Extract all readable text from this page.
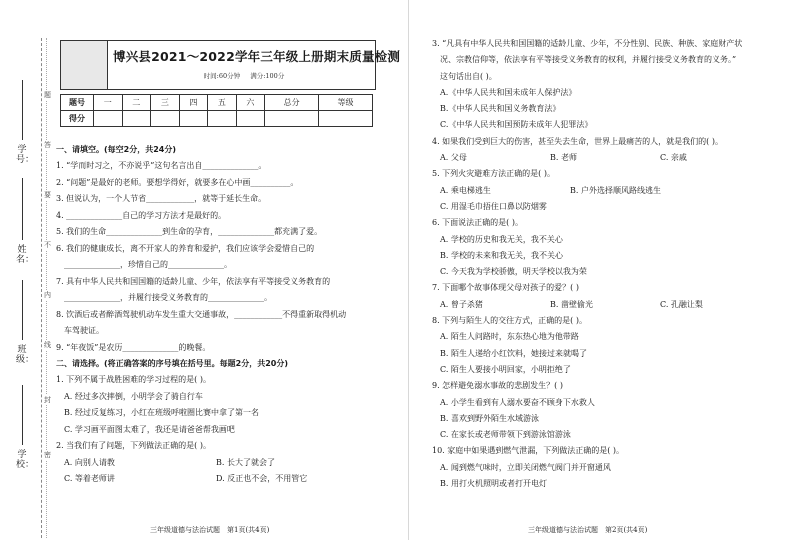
学号：
姓名：
班级：
学校：
题
答
要
不
内
线
封
密
博兴县2021～2022学年三年级上册期末质量检测
时间:60分钟 满分:100分
题号	一	二	三	四	五	六	总分	等级
得分								
一、请填空。(每空2分，共24分)
1. “学而时习之，不亦说乎”这句名言出自______________。
2. “问题”是最好的老师。要想学得好，就要多在心中画__________。
3. 但说认为，一个人节省____________，就等于延长生命。
4. ______________自己的学习方法才是最好的。
5. 我们的生命______________到生命的孕育，______________都充满了爱。
6. 我们的健康成长，离不开家人的养育和爱护，我们应该学会爱惜自己的
______________，珍惜自己的______________。
7. 具有中华人民共和国国籍的适龄儿童、少年，依法享有平等接受义务教育的
______________，并履行接受义务教育的______________。
8. 饮酒后或者醉酒驾驶机动车发生重大交通事故，____________不得重新取得机动
车驾驶证。
9. “年夜饭”是农历______________的晚餐。
二、请选择。(将正确答案的序号填在括号里。每题2分，共20分)
1. 下列不属于战胜困难的学习过程的是( )。
A. 经过多次摔倒，小明学会了骑自行车
B. 经过反复练习，小红在班级呼啦圈比赛中拿了第一名
C. 学习画平面图太难了，我还是请爸爸帮我画吧
2. 当我们有了问题，下列做法正确的是( )。
A. 向别人请教	B. 长大了就会了
C. 等着老师讲	D. 反正也不会，不用管它
3. “凡具有中华人民共和国国籍的适龄儿童、少年，不分性别、民族、种族、家庭财产状
况、宗教信仰等，依法享有平等接受义务教育的权利，并履行接受义务教育的义务。”
这句话出自( )。
A.《中华人民共和国未成年人保护法》
B.《中华人民共和国义务教育法》
C.《中华人民共和国预防未成年人犯罪法》
4. 如果我们受到巨大的伤害，甚至失去生命，世界上最痛苦的人，就是我们的( )。
A. 父母	B. 老师	C. 亲戚
5. 下列火灾避难方法正确的是( )。
A. 乘电梯逃生	B. 户外选择顺风路线逃生
C. 用湿毛巾捂住口鼻以防烟雾
6. 下面说法正确的是( )。
A. 学校的历史和我无关，我不关心
B. 学校的未来和我无关，我不关心
C. 今天我为学校骄傲，明天学校以我为荣
7. 下面哪个故事体现父母对孩子的爱？( )
A. 曾子杀猪	B. 凿壁偷光	C. 孔融让梨
8. 下列与陌生人的交往方式，正确的是( )。
A. 陌生人问路时，东东热心地为他带路
B. 陌生人递给小红饮料，她接过来就喝了
C. 陌生人要接小明回家，小明拒绝了
9. 怎样避免溺水事故的悲剧发生？( )
A. 小学生看到有人溺水要奋不顾身下水救人
B. 喜欢到野外陌生水域游泳
C. 在家长或老师带领下到游泳馆游泳
10. 家庭中如果遇到燃气泄漏，下列做法正确的是( )。
A. 闻到燃气味时，立即关闭燃气阀门并开窗通风
B. 用打火机照明或者打开电灯
三年级道德与法治试题　第1页(共4页)	三年级道德与法治试题　第2页(共4页)
